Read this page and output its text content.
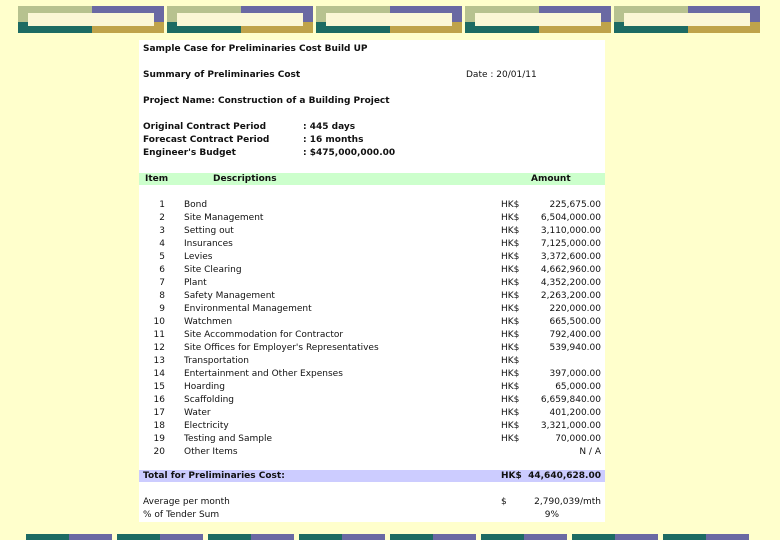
Sample Case for Preliminaries Cost Build UP
Summary of Preliminaries Cost	Date : 20/01/11
Project Name: Construction of a Building Project
Original Contract Period	: 445 days
Forecast Contract Period	: 16 months
Engineer's Budget	: $475,000,000.00
Item	Descriptions	Amount
1 Bond	HK$	225,675.00
2 Site Management	HK$	6,504,000.00
3 Setting out	HK$	3,110,000.00
4 Insurances	HK$	7,125,000.00
5 Levies	HK$	3,372,600.00
6 Site Clearing	HK$	4,662,960.00
7 Plant	HK$	4,352,200.00
8 Safety Management	HK$	2,263,200.00
9 Environmental Management	HK$	220,000.00
10 Watchmen	HK$	665,500.00
11 Site Accommodation for Contractor	HK$	792,400.00
12 Site Offices for Employer's Representatives	HK$	539,940.00
13 Transportation	HK$
14 Entertainment and Other Expenses	HK$	397,000.00
15 Hoarding	HK$	65,000.00
16 Scaffolding	HK$	6,659,840.00
17 Water	HK$	401,200.00
18 Electricity	HK$	3,321,000.00
19 Testing and Sample	HK$	70,000.00
20 Other Items	N / A
Total for Preliminaries Cost:	HK$ 44,640,628.00
Average per month	$	2,790,039/mth
% of Tender Sum	9%
